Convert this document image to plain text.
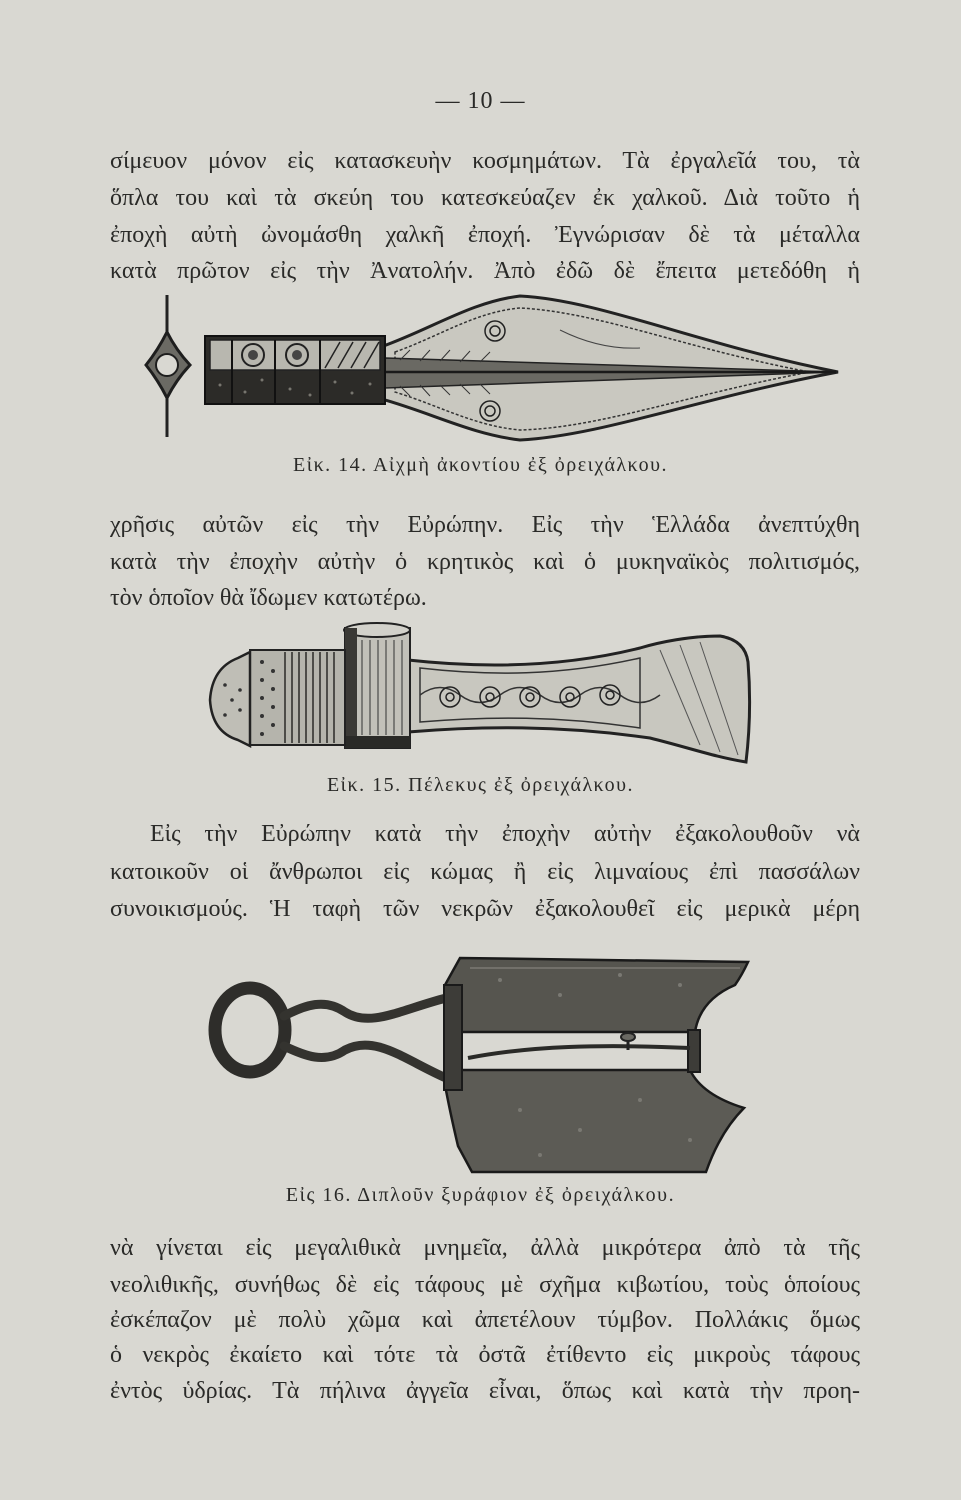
— 10 —
σίμευον μόνον εἰς κατασκευὴν κοσμημάτων. Τὰ ἐργαλεῖά του, τὰ
ὅπλα του καὶ τὰ σκεύη του κατεσκεύαζεν ἐκ χαλκοῦ. Διὰ τοῦτο ἡ
ἐποχὴ αὐτὴ ὠνομάσθη χαλκῆ ἐποχή. Ἐγνώρισαν δὲ τὰ μέταλλα
κατὰ πρῶτον εἰς τὴν Ἀνατολήν. Ἀπὸ ἐδῶ δὲ ἔπειτα μετεδόθη ἡ
Εἰκ. 14. Αἰχμὴ ἀκοντίου ἐξ ὀρειχάλκου.
χρῆσις αὐτῶν εἰς τὴν Εὐρώπην. Εἰς τὴν Ἑλλάδα ἀνεπτύχθη
κατὰ τὴν ἐποχὴν αὐτὴν ὁ κρητικὸς καὶ ὁ μυκηναϊκὸς πολιτισμός,
τὸν ὁποῖον θὰ ἴδωμεν κατωτέρω.
Εἰκ. 15. Πέλεκυς ἐξ ὀρειχάλκου.
Εἰς τὴν Εὐρώπην κατὰ τὴν ἐποχὴν αὐτὴν ἐξακολουθοῦν νὰ
κατοικοῦν οἱ ἄνθρωποι εἰς κώμας ἢ εἰς λιμναίους ἐπὶ πασσάλων
συνοικισμούς. Ἡ ταφὴ τῶν νεκρῶν ἐξακολουθεῖ εἰς μερικὰ μέρη
Εἰς 16. Διπλοῦν ξυράφιον ἐξ ὀρειχάλκου.
νὰ γίνεται εἰς μεγαλιθικὰ μνημεῖα, ἀλλὰ μικρότερα ἀπὸ τὰ τῆς
νεολιθικῆς, συνήθως δὲ εἰς τάφους μὲ σχῆμα κιβωτίου, τοὺς ὁποίους
ἐσκέπαζον μὲ πολὺ χῶμα καὶ ἀπετέλουν τύμβον. Πολλάκις ὅμως
ὁ νεκρὸς ἐκαίετο καὶ τότε τὰ ὀστᾶ ἐτίθεντο εἰς μικροὺς τάφους
ἐντὸς ὑδρίας. Τὰ πήλινα ἀγγεῖα εἶναι, ὅπως καὶ κατὰ τὴν προη-
